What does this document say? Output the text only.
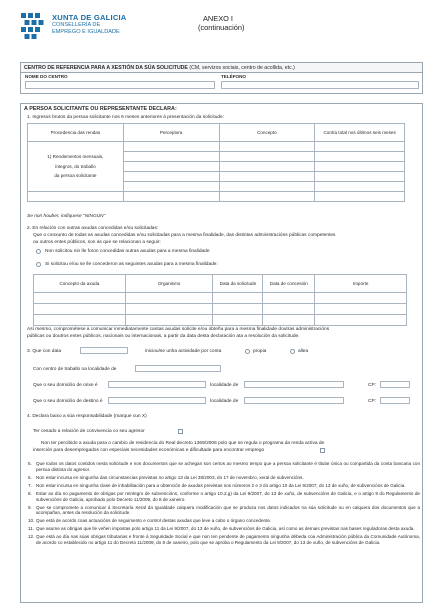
XUNTA DE GALICIA
CONSELLERÍA DE
EMPREGO E IGUALDADE
ANEXO I
(continuación)
CENTRO DE REFERENCIA PARA A XESTIÓN DA SÚA SOLICITUDE (CM, servizos sociais, centro de acollida, etc.)
NOME DO CENTRO	TELÉFONO
A PERSOA SOLICITANTE OU REPRESENTANTE DECLARA:
1. Ingresos brutos da persoa solicitante nos 6 meses anteriores á presentación da solicitude:
Procedencia das rendas	Perceptora	Concepto	Contía total nos últimos seis meses

1) Rendementos mensuais,
íntegros, do traballo
da persoa solicitante			

Se non houber, indíquese "NINGÚN"
2. En relación con outras axudas concedidas e/ou solicitadas:
Que o conxunto de todas as axudas concedidas e/ou solicitadas para a mesma finalidade, das distintas administracións públicas competentes
ou outros entes públicos, son as que se relacionan a seguir:
Non solicitou nin lle foron concedidas outras axudas para a mesma finalidade
Si solicitou e/ou se lle concederon as seguintes axudas para a mesma finalidade:
Concepto da axuda	Organismo	Data da solicitude	Data de concesión	Importe

Así mesmo, comprométese a comunicar inmediatamente cantas axudas solicite e/ou obteña para a mesma finalidade doutras administracións
públicas ou doutros entes públicos, nacionais ou internacionais, a partir da data desta declaración ata a resolución da solicitude.
3. Que con data	iniciou/se unha actividade por conta	propia	allea
Con centro de traballo na localidade de
Que o seu domicilio de orixe é	localidade de	CP:
Que o seu domicilio de destino é	localidade de	CP:
4. Declara baixo a súa responsabilidade (marque cun X)
Ter cesado a relación de convivencia co seu agresor
Non ter percibido a axuda para o cambio de residencia do Real decreto 1369/2006 polo que se regula o programa da renda activa de
inserción para desempregados con especiais necesidades económicas e dificultade para encontrar emprego
5. Que todos os datos contidos nesta solicitude e nos documentos que se achegan son certos ao mesmo tempo que a persoa solicitante é titular única ou compartida da conta bancaria con persoa distinta do agresor.
6. Non estar incursa en ningunha das circunstancias previstas no artigo 13 da Lei 38/2003, do 17 de novembro, xeral de subvencións.
7. Non estar incursa en ningunha clase de inhabilitación para a obtención de axudas previstas nos números 2 e 3 do artigo 10 da Lei 9/2007, do 13 de xuño, de subvencións de Galicia.
8. Estar ao día no pagamento de obrigas por reintegro de subvencións, conforme o artigo 10.2.g) da Lei 9/2007, do 13 de xuño, de subvencións de Galicia, e o artigo 9 do Regulamento de subvencións de Galicia, aprobado polo Decreto 11/2009, do 8 de xaneiro.
9. Que se compromete a comunicar á Secretaría Xeral da Igualdade calquera modificación que se produza nos datos indicados na súa solicitude ou en calquera dos documentos que a acompañan, antes da resolución da solicitude.
10. Que está de acordo coas actuacións de seguimento e control destas axudas que leve a cabo o órgano concedente.
11. Que asume as obrigas que lle veñen impostas polo artigo 11 da Lei 9/2007, do 13 de xuño, de subvencións de Galicia, así como as demais previstas nas bases reguladoras desta axuda.
12. Que está ao día nas súas obrigas tributarias e fronte á Seguridade Social e que non ten pendente de pagamento ningunha débeda coa Administración pública da Comunidade Autónoma, de acordo co establecido no artigo 11 do Decreto 11/2009, do 8 de xaneiro, polo que se aproba o Regulamento da Lei 9/2007, do 13 de xuño, de subvencións de Galicia.
